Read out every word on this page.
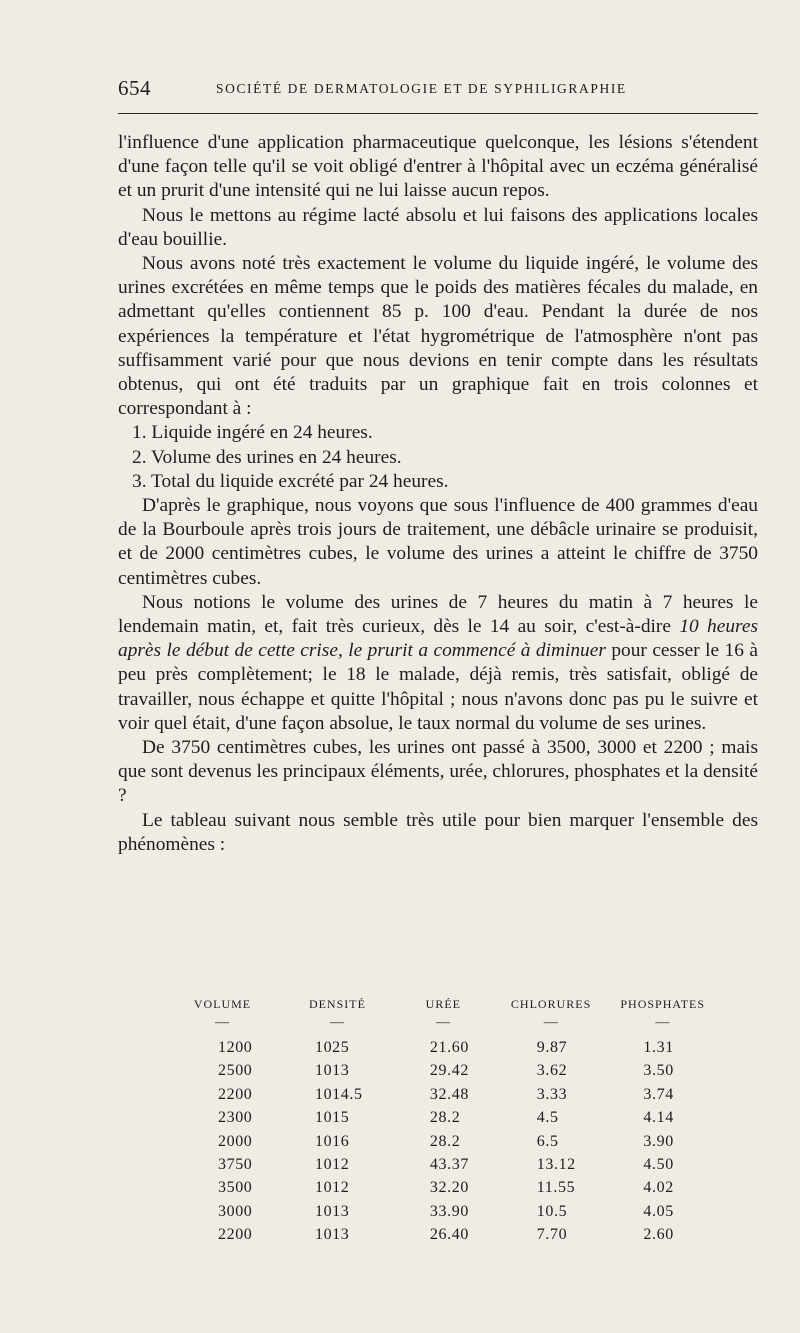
654	SOCIÉTÉ DE DERMATOLOGIE ET DE SYPHILIGRAPHIE

l'influence d'une application pharmaceutique quelconque, les lésions s'étendent d'une façon telle qu'il se voit obligé d'entrer à l'hôpital avec un eczéma généralisé et un prurit d'une intensité qui ne lui laisse aucun repos.

Nous le mettons au régime lacté absolu et lui faisons des applications locales d'eau bouillie.

Nous avons noté très exactement le volume du liquide ingéré, le volume des urines excrétées en même temps que le poids des matières fécales du malade, en admettant qu'elles contiennent 85 p. 100 d'eau. Pendant la durée de nos expériences la température et l'état hygrométrique de l'atmosphère n'ont pas suffisamment varié pour que nous devions en tenir compte dans les résultats obtenus, qui ont été traduits par un graphique fait en trois colonnes et correspondant à :

1. Liquide ingéré en 24 heures.

2. Volume des urines en 24 heures.

3. Total du liquide excrété par 24 heures.

D'après le graphique, nous voyons que sous l'influence de 400 grammes d'eau de la Bourboule après trois jours de traitement, une débâcle urinaire se produisit, et de 2000 centimètres cubes, le volume des urines a atteint le chiffre de 3750 centimètres cubes.

Nous notions le volume des urines de 7 heures du matin à 7 heures le lendemain matin, et, fait très curieux, dès le 14 au soir, c'est-à-dire 10 heures après le début de cette crise, le prurit a commencé à diminuer pour cesser le 16 à peu près complètement; le 18 le malade, déjà remis, très satisfait, obligé de travailler, nous échappe et quitte l'hôpital ; nous n'avons donc pas pu le suivre et voir quel était, d'une façon absolue, le taux normal du volume de ses urines.

De 3750 centimètres cubes, les urines ont passé à 3500, 3000 et 2200 ; mais que sont devenus les principaux éléments, urée, chlorures, phosphates et la densité ?

Le tableau suivant nous semble très utile pour bien marquer l'ensemble des phénomènes :

VOLUME	DENSITÉ	URÉE	CHLORURES	PHOSPHATES
—	—	—	—	—
1200	1025	21.60	9.87	1.31
2500	1013	29.42	3.62	3.50
2200	1014.5	32.48	3.33	3.74
2300	1015	28.2	4.5	4.14
2000	1016	28.2	6.5	3.90
3750	1012	43.37	13.12	4.50
3500	1012	32.20	11.55	4.02
3000	1013	33.90	10.5	4.05
2200	1013	26.40	7.70	2.60
